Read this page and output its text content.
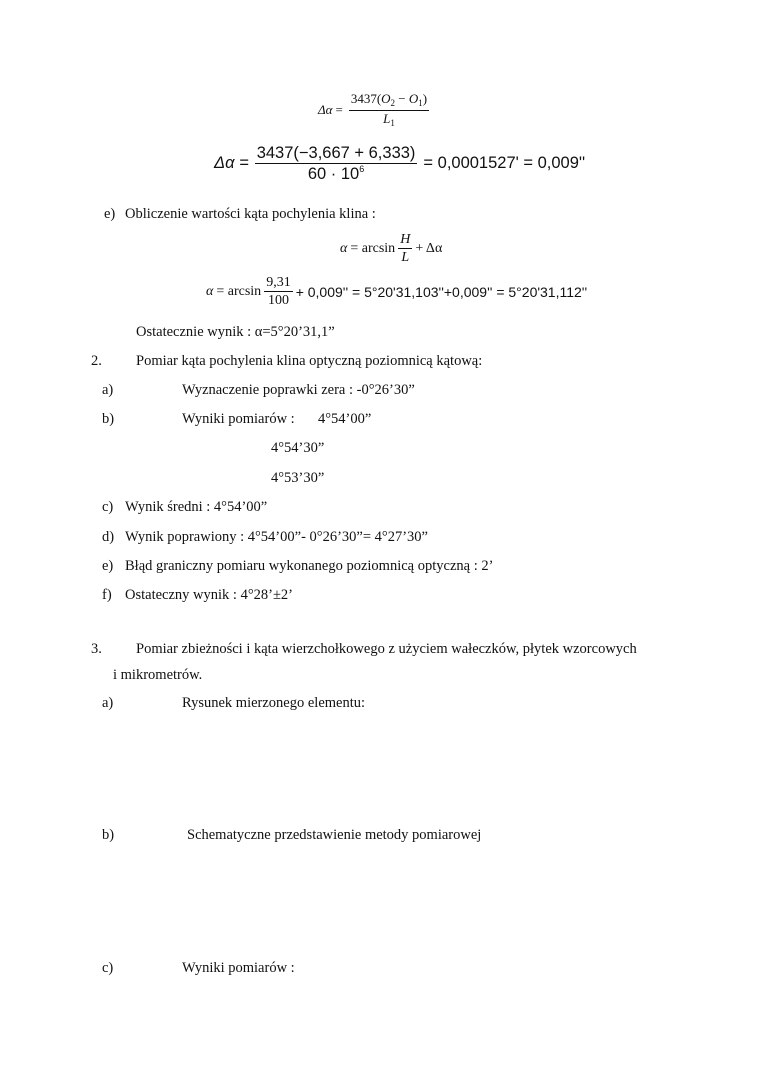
$\Delta\alpha = \frac{3437(O_2 - O_1)}{L_1}$
$\Delta\alpha = \frac{3437(-3,667 + 6,333)}{60 \cdot 10^6} = 0,0001527' = 0,009''$
e) Obliczenie wartości kąta pochylenia klina :
$\alpha = \arcsin \frac{H}{L} + \Delta\alpha$
$\alpha = \arcsin \frac{9,31}{100} + 0,009'' = 5^\circ 20'31,103''+0,009'' = 5^\circ 20'31,112''$
Ostatecznie wynik : α=5°20’31,1”
2. Pomiar kąta pochylenia klina optyczną poziomnicą kątową:
a)	Wyznaczenie poprawki zera : -0°26’30”
b)	Wyniki pomiarów : 4°54’00”
4°54’30”
4°53’30”
c) Wynik średni : 4°54’00”
d) Wynik poprawiony : 4°54’00”- 0°26’30”= 4°27’30”
e) Błąd graniczny pomiaru wykonanego poziomnicą optyczną : 2’
f) Ostateczny wynik : 4°28’±2’
3. Pomiar zbieżności i kąta wierzchołkowego z użyciem wałeczków, płytek wzorcowych
i mikrometrów.
a)	Rysunek mierzonego elementu:
b)	Schematyczne przedstawienie metody pomiarowej
c)	Wyniki pomiarów :
